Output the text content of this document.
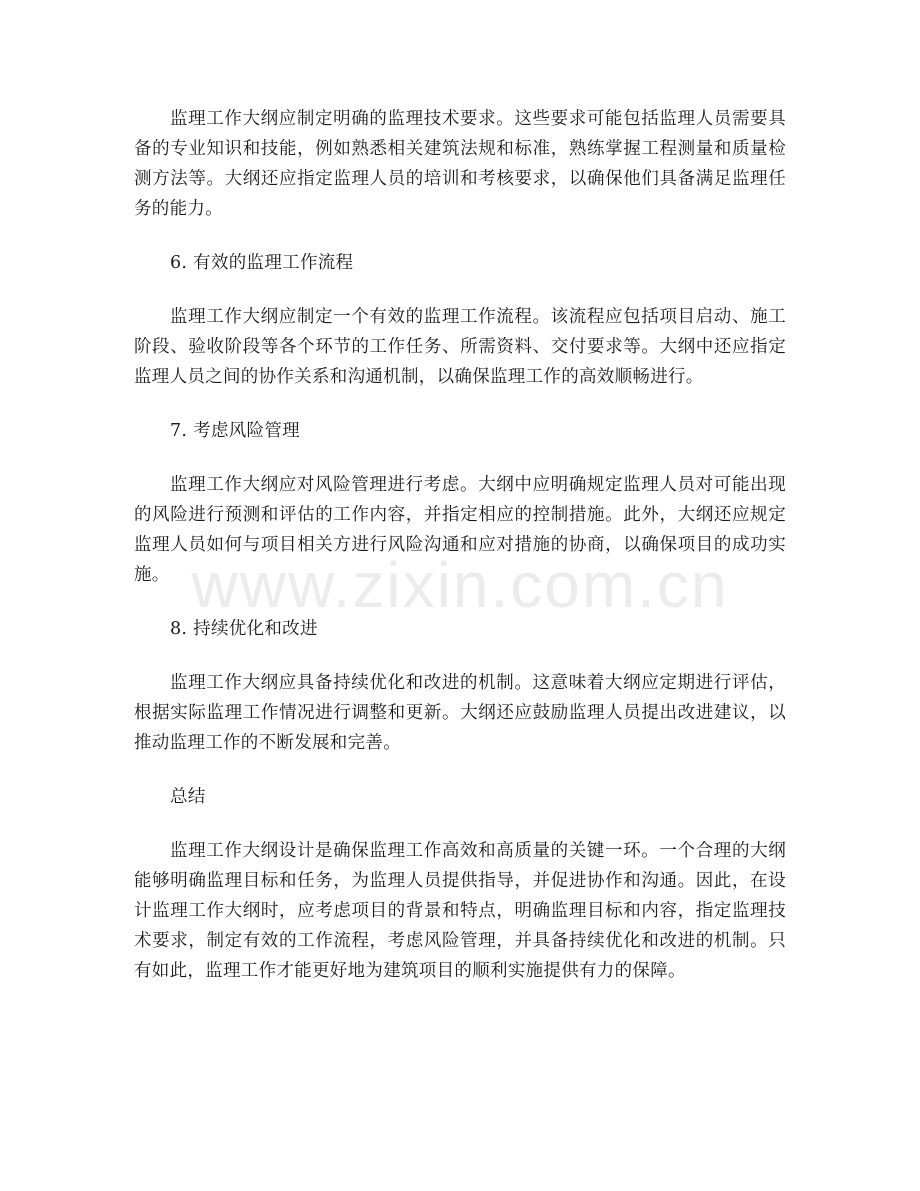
监理工作大纲应制定明确的监理技术要求。这些要求可能包括监理人员需要具备的专业知识和技能，例如熟悉相关建筑法规和标准，熟练掌握工程测量和质量检测方法等。大纲还应指定监理人员的培训和考核要求，以确保他们具备满足监理任务的能力。

6. 有效的监理工作流程

监理工作大纲应制定一个有效的监理工作流程。该流程应包括项目启动、施工阶段、验收阶段等各个环节的工作任务、所需资料、交付要求等。大纲中还应指定监理人员之间的协作关系和沟通机制，以确保监理工作的高效顺畅进行。

7. 考虑风险管理

监理工作大纲应对风险管理进行考虑。大纲中应明确规定监理人员对可能出现的风险进行预测和评估的工作内容，并指定相应的控制措施。此外，大纲还应规定监理人员如何与项目相关方进行风险沟通和应对措施的协商，以确保项目的成功实施。

8. 持续优化和改进

监理工作大纲应具备持续优化和改进的机制。这意味着大纲应定期进行评估，根据实际监理工作情况进行调整和更新。大纲还应鼓励监理人员提出改进建议，以推动监理工作的不断发展和完善。

总结

监理工作大纲设计是确保监理工作高效和高质量的关键一环。一个合理的大纲能够明确监理目标和任务，为监理人员提供指导，并促进协作和沟通。因此，在设计监理工作大纲时，应考虑项目的背景和特点，明确监理目标和内容，指定监理技术要求，制定有效的工作流程，考虑风险管理，并具备持续优化和改进的机制。只有如此，监理工作才能更好地为建筑项目的顺利实施提供有力的保障。

www.zixin.com.cn
